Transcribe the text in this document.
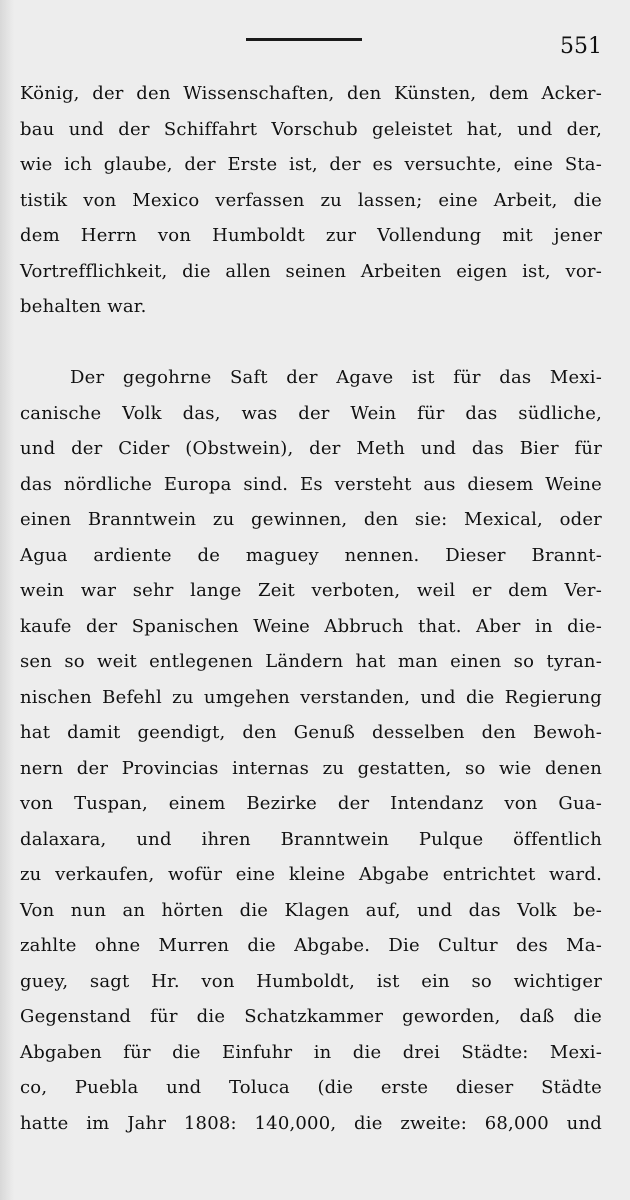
551
König, der den Wissenschaften, den Künsten, dem Acker-
bau und der Schiffahrt Vorschub geleistet hat, und der,
wie ich glaube, der Erste ist, der es versuchte, eine Sta-
tistik von Mexico verfassen zu lassen; eine Arbeit, die
dem Herrn von Humboldt zur Vollendung mit jener
Vortrefflichkeit, die allen seinen Arbeiten eigen ist, vor-
behalten war.
Der gegohrne Saft der Agave ist für das Mexi-
canische Volk das, was der Wein für das südliche,
und der Cider (Obstwein), der Meth und das Bier für
das nördliche Europa sind. Es versteht aus diesem Weine
einen Branntwein zu gewinnen, den sie: Mexical, oder
Agua ardiente de maguey nennen. Dieser Brannt-
wein war sehr lange Zeit verboten, weil er dem Ver-
kaufe der Spanischen Weine Abbruch that. Aber in die-
sen so weit entlegenen Ländern hat man einen so tyran-
nischen Befehl zu umgehen verstanden, und die Regierung
hat damit geendigt, den Genuß desselben den Bewoh-
nern der Provincias internas zu gestatten, so wie denen
von Tuspan, einem Bezirke der Intendanz von Gua-
dalaxara, und ihren Branntwein Pulque öffentlich
zu verkaufen, wofür eine kleine Abgabe entrichtet ward.
Von nun an hörten die Klagen auf, und das Volk be-
zahlte ohne Murren die Abgabe. Die Cultur des Ma-
guey, sagt Hr. von Humboldt, ist ein so wichtiger
Gegenstand für die Schatzkammer geworden, daß die
Abgaben für die Einfuhr in die drei Städte: Mexi-
co, Puebla und Toluca (die erste dieser Städte
hatte im Jahr 1808: 140,000, die zweite: 68,000 und
